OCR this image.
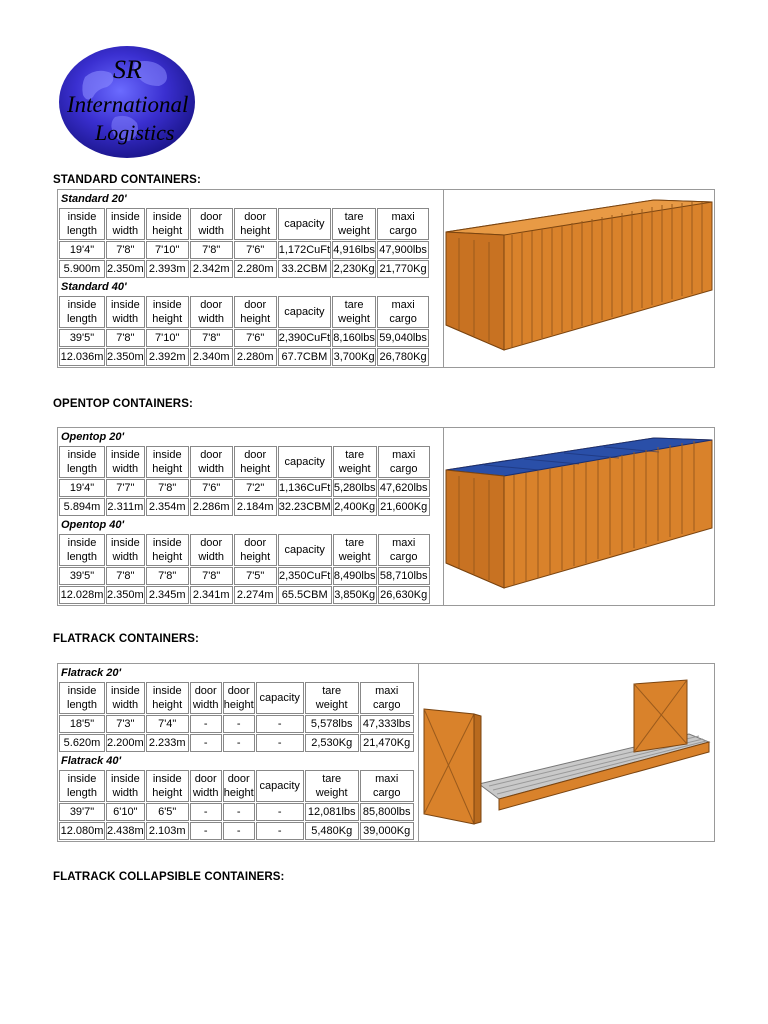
SR
International
Logistics
STANDARD CONTAINERS:
Standard 20'							
inside length	inside width	inside height	door width	door height	capacity	tare weight	maxi cargo
19'4"	7'8"	7'10"	7'8"	7'6"	1,172CuFt	4,916lbs	47,900lbs
5.900m	2.350m	2.393m	2.342m	2.280m	33.2CBM	2,230Kg	21,770Kg
Standard 40'							
inside length	inside width	inside height	door width	door height	capacity	tare weight	maxi cargo
39'5"	7'8"	7'10"	7'8"	7'6"	2,390CuFt	8,160lbs	59,040lbs
12.036m	2.350m	2.392m	2.340m	2.280m	67.7CBM	3,700Kg	26,780Kg
OPENTOP CONTAINERS:
Opentop 20'							
inside length	inside width	inside height	door width	door height	capacity	tare weight	maxi cargo
19'4"	7'7"	7'8"	7'6"	7'2"	1,136CuFt	5,280lbs	47,620lbs
5.894m	2.311m	2.354m	2.286m	2.184m	32.23CBM	2,400Kg	21,600Kg
Opentop 40'							
inside length	inside width	inside height	door width	door height	capacity	tare weight	maxi cargo
39'5"	7'8"	7'8"	7'8"	7'5"	2,350CuFt	8,490lbs	58,710lbs
12.028m	2.350m	2.345m	2.341m	2.274m	65.5CBM	3,850Kg	26,630Kg
FLATRACK CONTAINERS:
Flatrack 20'							
inside length	inside width	inside height	door width	door height	capacity	tare weight	maxi cargo
18'5"	7'3"	7'4"	-	-	-	5,578lbs	47,333lbs
5.620m	2.200m	2.233m	-	-	-	2,530Kg	21,470Kg
Flatrack 40'							
inside length	inside width	inside height	door width	door height	capacity	tare weight	maxi cargo
39'7"	6'10"	6'5"	-	-	-	12,081lbs	85,800lbs
12.080m	2.438m	2.103m	-	-	-	5,480Kg	39,000Kg
FLATRACK COLLAPSIBLE CONTAINERS:
